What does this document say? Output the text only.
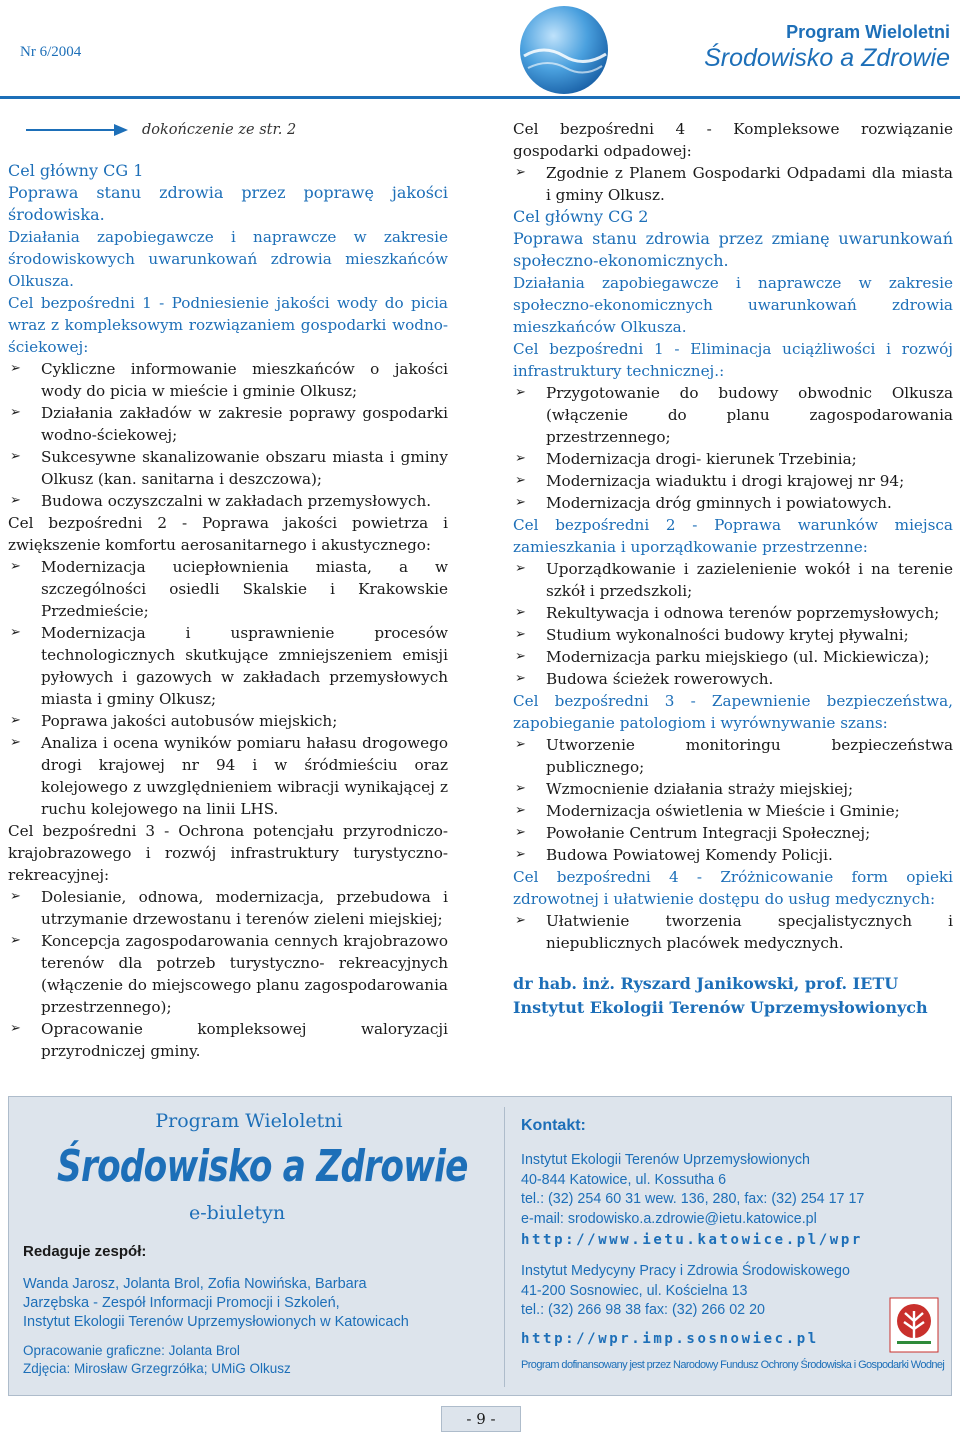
Nr 6/2004
Program Wieloletni
Środowisko a Zdrowie
dokończenie ze str. 2

Cel główny CG 1

Poprawa stanu zdrowia przez poprawę jakości środowiska.

Działania zapobiegawcze i naprawcze w zakresie środowiskowych uwarunkowań zdrowia mieszkańców Olkusza.

Cel bezpośredni 1 - Podniesienie jakości wody do picia wraz z kompleksowym rozwiązaniem gospodarki wodno-ściekowej:

➢ Cykliczne informowanie mieszkańców o jakości wody do picia w mieście i gminie Olkusz;
➢ Działania zakładów w zakresie poprawy gospodarki wodno-ściekowej;
➢ Sukcesywne skanalizowanie obszaru miasta i gminy Olkusz (kan. sanitarna i deszczowa);
➢ Budowa oczyszczalni w zakładach przemysłowych.

Cel bezpośredni 2 - Poprawa jakości powietrza i zwiększenie komfortu aerosanitarnego i akustycznego:

➢ Modernizacja uciepłownienia miasta, a w szczególności osiedli Skalskie i Krakowskie Przedmieście;
➢ Modernizacja i usprawnienie procesów technologicznych skutkujące zmniejszeniem emisji pyłowych i gazowych w zakładach przemysłowych miasta i gminy Olkusz;
➢ Poprawa jakości autobusów miejskich;
➢ Analiza i ocena wyników pomiaru hałasu drogowego drogi krajowej nr 94 i w śródmieściu oraz kolejowego z uwzględnieniem wibracji wynikającej z ruchu kolejowego na linii LHS.

Cel bezpośredni 3 - Ochrona potencjału przyrodniczo-krajobrazowego i rozwój infrastruktury turystyczno-rekreacyjnej:

➢ Dolesianie, odnowa, modernizacja, przebudowa i utrzymanie drzewostanu i terenów zieleni miejskiej;
➢ Koncepcja zagospodarowania cennych krajobrazowo terenów dla potrzeb turystyczno- rekreacyjnych (włączenie do miejscowego planu zagospodarowania przestrzennego);
➢ Opracowanie kompleksowej waloryzacji przyrodniczej gminy.

Cel bezpośredni 4 - Kompleksowe rozwiązanie gospodarki odpadowej:

➢ Zgodnie z Planem Gospodarki Odpadami dla miasta i gminy Olkusz.

Cel główny CG 2

Poprawa stanu zdrowia przez zmianę uwarunkowań społeczno-ekonomicznych.

Działania zapobiegawcze i naprawcze w zakresie społeczno-ekonomicznych uwarunkowań zdrowia mieszkańców Olkusza.

Cel bezpośredni 1 - Eliminacja uciążliwości i rozwój infrastruktury technicznej.:

➢ Przygotowanie do budowy obwodnic Olkusza (włączenie do planu zagospodarowania przestrzennego;
➢ Modernizacja drogi- kierunek Trzebinia;
➢ Modernizacja wiaduktu i drogi krajowej nr 94;
➢ Modernizacja dróg gminnych i powiatowych.

Cel bezpośredni 2 - Poprawa warunków miejsca zamieszkania i uporządkowanie przestrzenne:

➢ Uporządkowanie i zazielenienie wokół i na terenie szkół i przedszkoli;
➢ Rekultywacja i odnowa terenów poprzemysłowych;
➢ Studium wykonalności budowy krytej pływalni;
➢ Modernizacja parku miejskiego (ul. Mickiewicza);
➢ Budowa ścieżek rowerowych.

Cel bezpośredni 3 - Zapewnienie bezpieczeństwa, zapobieganie patologiom i wyrównywanie szans:

➢ Utworzenie monitoringu bezpieczeństwa publicznego;
➢ Wzmocnienie działania straży miejskiej;
➢ Modernizacja oświetlenia w Mieście i Gminie;
➢ Powołanie Centrum Integracji Społecznej;
➢ Budowa Powiatowej Komendy Policji.

Cel bezpośredni 4 - Zróżnicowanie form opieki zdrowotnej i ułatwienie dostępu do usług medycznych:

➢ Ułatwienie tworzenia specjalistycznych i niepublicznych placówek medycznych.
dr hab. inż. Ryszard Janikowski, prof. IETU
Instytut Ekologii Terenów Uprzemysłowionych
Program Wieloletni
Środowisko a Zdrowie
e-biuletyn
Redaguje zespół:
Wanda Jarosz, Jolanta Brol, Zofia Nowińska, Barbara
Jarzębska - Zespół Informacji Promocji i Szkoleń,
Instytut Ekologii Terenów Uprzemysłowionych w Katowicach
Opracowanie graficzne: Jolanta Brol
Zdjęcia: Mirosław Grzegrzółka; UMiG Olkusz
Kontakt:
Instytut Ekologii Terenów Uprzemysłowionych
40-844 Katowice, ul. Kossutha 6
tel.: (32) 254 60 31 wew. 136, 280, fax: (32) 254 17 17
e-mail: srodowisko.a.zdrowie@ietu.katowice.pl
http://www.ietu.katowice.pl/wpr
Instytut Medycyny Pracy i Zdrowia Środowiskowego
41-200 Sosnowiec, ul. Kościelna 13
tel.: (32) 266 98 38 fax: (32) 266 02 20
http://wpr.imp.sosnowiec.pl
Program dofinansowany jest przez Narodowy Fundusz Ochrony Środowiska i Gospodarki Wodnej
- 9 -
